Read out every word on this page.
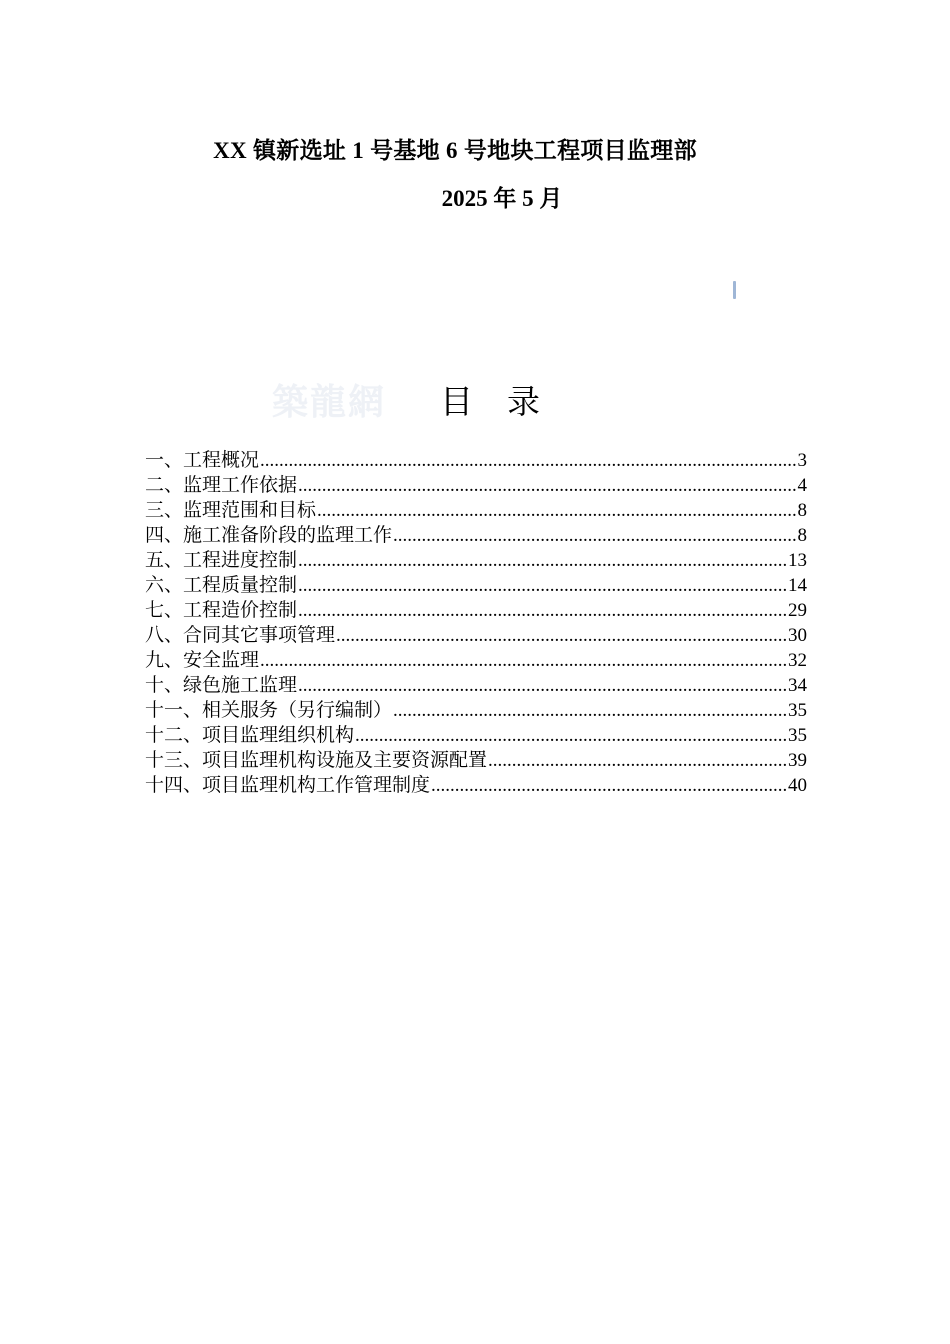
XX 镇新选址 1 号基地 6 号地块工程项目监理部
2025 年 5 月
築龍網 目录
一、工程概况 .....	3
二、监理工作依据 .....	4
三、监理范围和目标 .....	8
四、施工准备阶段的监理工作 .....	8
五、工程进度控制 .....	13
六、工程质量控制 .....	14
七、工程造价控制 .....	29
八、合同其它事项管理 .....	30
九、安全监理 .....	32
十、绿色施工监理 .....	34
十一、相关服务（另行编制） .....	35
十二、项目监理组织机构 .....	35
十三、项目监理机构设施及主要资源配置 .....	39
十四、项目监理机构工作管理制度 .....	40
